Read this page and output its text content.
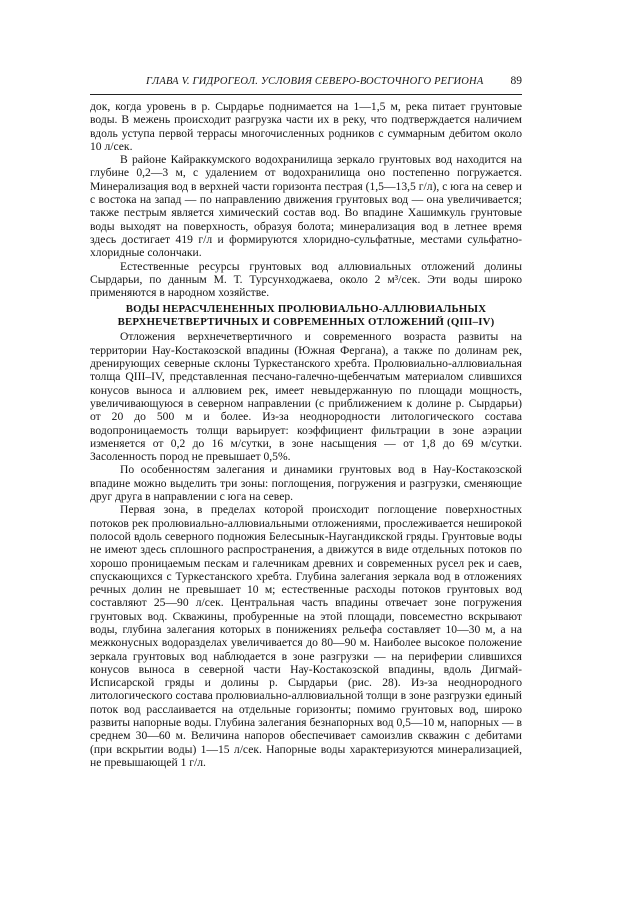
ГЛАВА V. ГИДРОГЕОЛ. УСЛОВИЯ СЕВЕРО-ВОСТОЧНОГО РЕГИОНА 89

док, когда уровень в р. Сырдарье поднимается на 1—1,5 м, река питает грунтовые воды. В межень происходит разгрузка части их в реку, что подтверждается наличием вдоль уступа первой террасы многочисленных родников с суммарным дебитом около 10 л/сек.

В районе Кайраккумского водохранилища зеркало грунтовых вод находится на глубине 0,2—3 м, с удалением от водохранилища оно постепенно погружается. Минерализация вод в верхней части горизонта пестрая (1,5—13,5 г/л), с юга на север и с востока на запад — по направлению движения грунтовых вод — она увеличивается; также пестрым является химический состав вод. Во впадине Хашимкуль грунтовые воды выходят на поверхность, образуя болота; минерализация вод в летнее время здесь достигает 419 г/л и формируются хлоридно-сульфатные, местами сульфатно-хлоридные солончаки.

Естественные ресурсы грунтовых вод аллювиальных отложений долины Сырдарьи, по данным М. Т. Турсунходжаева, около 2 м³/сек. Эти воды широко применяются в народном хозяйстве.

ВОДЫ НЕРАСЧЛЕНЕННЫХ ПРОЛЮВИАЛЬНО-АЛЛЮВИАЛЬНЫХ
ВЕРХНЕЧЕТВЕРТИЧНЫХ И СОВРЕМЕННЫХ ОТЛОЖЕНИЙ (QIII–IV)

Отложения верхнечетвертичного и современного возраста развиты на территории Нау-Костакозской впадины (Южная Фергана), а также по долинам рек, дренирующих северные склоны Туркестанского хребта. Пролювиально-аллювиальная толща QIII–IV, представленная песчано-галечно-щебенчатым материалом слившихся конусов выноса и аллювием рек, имеет невыдержанную по площади мощность, увеличивающуюся в северном направлении (с приближением к долине р. Сырдарьи) от 20 до 500 м и более. Из-за неоднородности литологического состава водопроницаемость толщи варьирует: коэффициент фильтрации в зоне аэрации изменяется от 0,2 до 16 м/сутки, в зоне насыщения — от 1,8 до 69 м/сутки. Засоленность пород не превышает 0,5%.

По особенностям залегания и динамики грунтовых вод в Нау-Костакозской впадине можно выделить три зоны: поглощения, погружения и разгрузки, сменяющие друг друга в направлении с юга на север.

Первая зона, в пределах которой происходит поглощение поверхностных потоков рек пролювиально-аллювиальными отложениями, прослеживается неширокой полосой вдоль северного подножия Белесынык-Наугандикской гряды. Грунтовые воды не имеют здесь сплошного распространения, а движутся в виде отдельных потоков по хорошо проницаемым пескам и галечникам древних и современных русел рек и саев, спускающихся с Туркестанского хребта. Глубина залегания зеркала вод в отложениях речных долин не превышает 10 м; естественные расходы потоков грунтовых вод составляют 25—90 л/сек. Центральная часть впадины отвечает зоне погружения грунтовых вод. Скважины, пробуренные на этой площади, повсеместно вскрывают воды, глубина залегания которых в понижениях рельефа составляет 10—30 м, а на межконусных водоразделах увеличивается до 80—90 м. Наиболее высокое положение зеркала грунтовых вод наблюдается в зоне разгрузки — на периферии слившихся конусов выноса в северной части Нау-Костакозской впадины, вдоль Дигмай-Исписарской гряды и долины р. Сырдарьи (рис. 28). Из-за неоднородного литологического состава пролювиально-аллювиальной толщи в зоне разгрузки единый поток вод расслаивается на отдельные горизонты; помимо грунтовых вод, широко развиты напорные воды. Глубина залегания безнапорных вод 0,5—10 м, напорных — в среднем 30—60 м. Величина напоров обеспечивает самоизлив скважин с дебитами (при вскрытии воды) 1—15 л/сек. Напорные воды характеризуются минерализацией, не превышающей 1 г/л.
